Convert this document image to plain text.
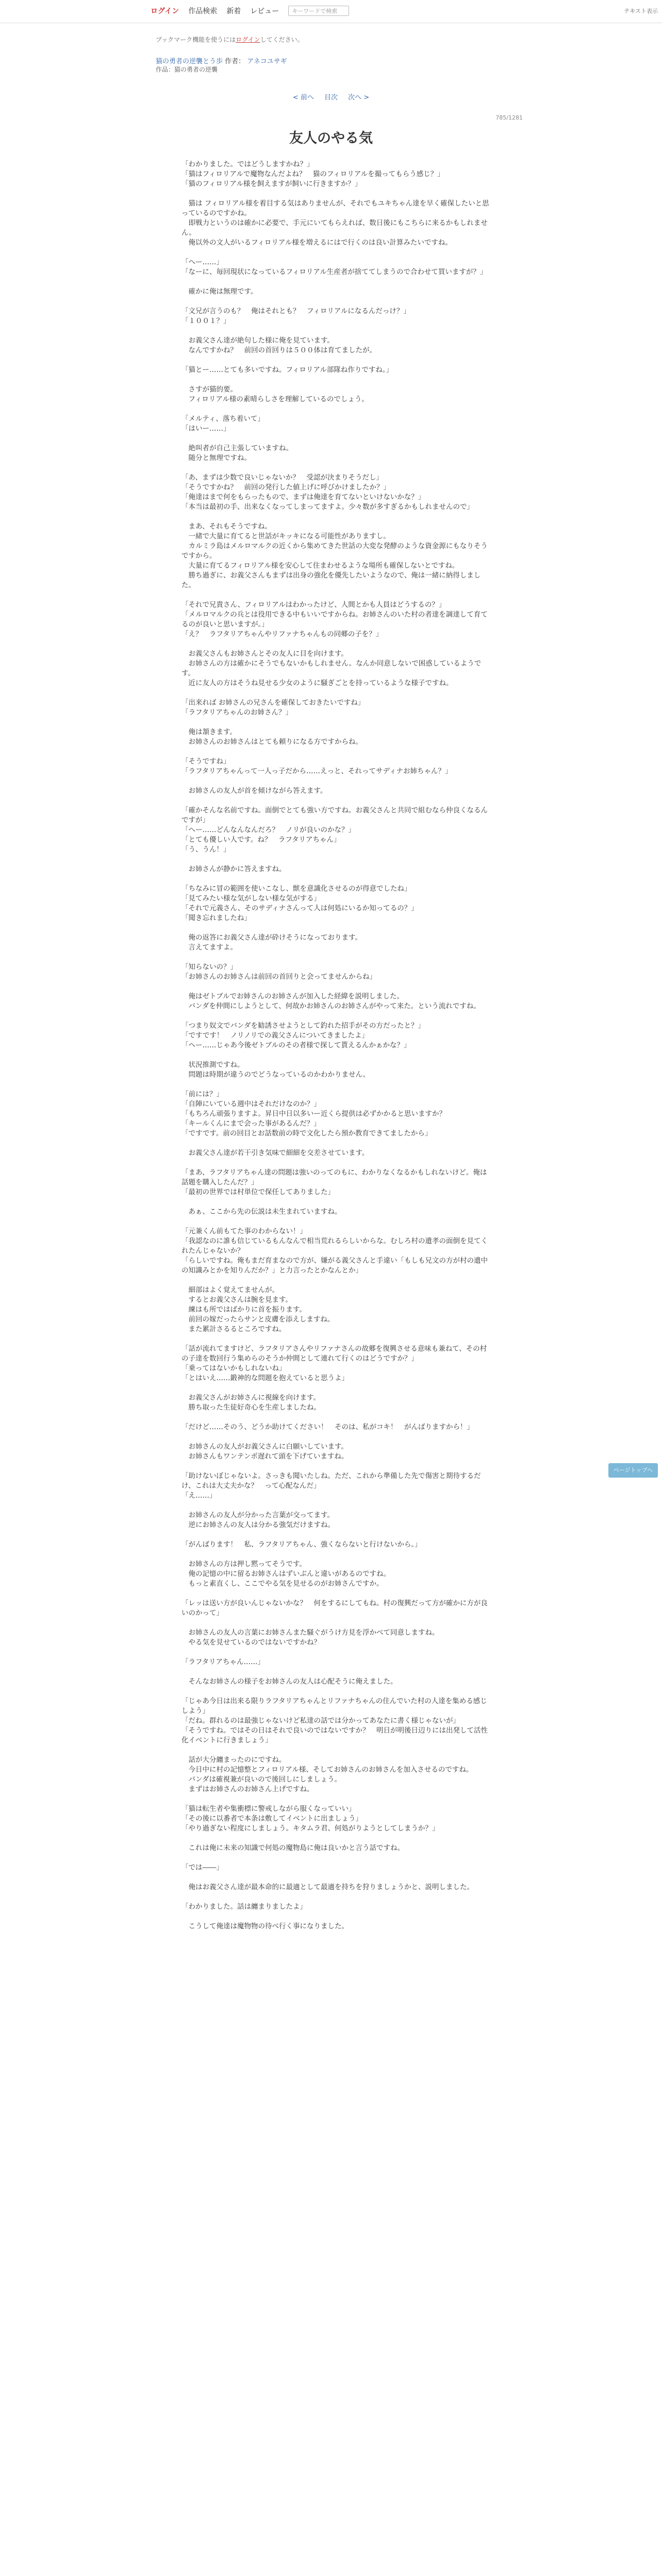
ログイン 作品検索 新着 レビュー	キーワードで検索	テキスト表示
ブックマーク機能を使うにはログインしてください。
猫の勇者の逆襲とう歩 作者： アネコユサギ
作品：猫の勇者の逆襲
< 前へ 目次 次へ >
785/1281
友人のやる気

「わかりました。ではどうしますかね？」

「猫はフィロリアルで魔物なんだよね？　猫のフィロリアルを撮ってもらう感じ？」

「猫のフィロリアル様を飼えますが飼いに行きますか？」

　猫は フィロリアル様を着目する気はありませんが、それでもユキちゃん達を早く確保したいと思っているのですかね。

　即戦力というのは確かに必要で、手元にいてもらえれば、数日後にもこちらに来るかもしれません。

　俺以外の文人がいるフィロリアル様を増えるにはで行くのは良い計算みたいですね。

「へー……」

「なーに、毎回現状になっているフィロリアル生産者が捨ててしまうので合わせて買いますが？」

　確かに俺は無理です。

「文兄が言うのも？　俺はそれとも？　フィロリアルになるんだっけ？」

「１００１？」

　お義父さん達が絶句した様に俺を見ています。

　なんですかね？　前回の首回りは５００体は育てましたが。

「猫とー……とても多いですね。フィロリアル部隊ね作りですね。」

　さすが猫的要。

　フィロリアル様の素晴らしさを理解しているのでしょう。

「メルティ、落ち着いて」

「はいー……」

　絶叫者が自己主張していますね。

　随分と無理ですね。

「あ、まずは少数で良いじゃないか？　受認が決まりそうだし」

「そうですかね？　前回の発行した値上げに呼びかけましたか？」

「俺達はまで何をもらったもので、まずは俺達を育てないといけないかな？」

「本当は最初の手、出来なくなってしまってますよ。少々数が多すぎるかもしれませんので」

　まあ、それもそうですね。

　一緒で大量に育てると世話がキッキになる可能性がありますし。

　カルミラ島はメルロマルクの近くから集めてきた世話の大変な発酵のような資金源にもなりそうですから。

　大量に育てるフィロリアル様を安心して住まわせるような場所も確保しないとですね。

　勝ち過ぎに、お義父さんもまずは出身の強化を優先したいようなので、俺は一緒に納得しました。

「それで兄貴さん、フィロリアルはわかったけど、人間とかも人員はどうするの？」

「メルロマルクの兵とは役用できる中もいいですからね。お姉さんのいた村の者達を調達して育てるのが良いと思いますが。」

「え？　ラフタリアちゃんやリファナちゃんもの同郷の子を？」

　お義父さんもお姉さんとその友人に目を向けます。

　お姉さんの方は確かにそうでもないかもしれません。なんか同意しないで困惑しているようです。

　近に友人の方はそうね見せる少女のように騒ぎごとを持っているような様子ですね。

「出来れば お姉さんの兄さんを確保しておきたいですね」

「ラフタリアちゃんのお姉さん？」

　俺は頷きます。

　お姉さんのお姉さんはとても頼りになる方ですからね。

「そうですね」

「ラフタリアちゃんって一人っ子だから……えっと、それってサディナお姉ちゃん？」

　お姉さんの友人が首を傾けながら答えます。

「確かそんな名前ですね。面倒でとても強い方ですね。お義父さんと共同で組むなら仲良くなるんですが」

「へー……どんなんなんだろ？　ノリが良いのかな？」

「とても優しい人です。ね？　ラフタリアちゃん」

「う、うん！」

　お姉さんが静かに答えますね。

「ちなみに冒の範囲を使いこなし、獣を意識化させるのが得意でしたね」

「見てみたい様な気がしない様な気がする」

「それで元義さん、そのサディナさんって人は何処にいるか知ってるの？」

「聞き忘れましたね」

　俺の返答にお義父さん達が砕けそうになっております。

　言えてますよ。

「知らないの？」

「お姉さんのお姉さんは前回の首回りと会ってませんからね」

　俺はゼトブルでお姉さんのお姉さんが加入した経緯を説明しました。

　バンダを仲間にしようとして、何故かお姉さんのお姉さんがやって来た。という流れですね。

「つまり奴文でバンダを勧誘させようとして釣れた招手がその方だったと？」

「ですです！　ノリノリでの義父さんについてきましたよ」

「ヘー……じゃあ今後ゼトブルのその者様で探して貰えるんかぁかな？」

　状況推測ですね。

　問題は時期が違うのでどうなっているのかわかりません。

「前には？」

「自陣にいている週中はそれだけなのか？」

「もちろん頑張りますよ。昇日中日以多いー近くら提供は必ずかかると思いますか？

「キールくんにまで会った事があるんだ？」

「ですです。前の回目とお話数前の時で文化したら預か教育できてましたから」

　お義父さん達が若干引き気味で細細を交差させています。

「まあ、ラフタリアちゃん達の問題は強いのってのもに、わかりなくなるかもしれないけど。俺は話題を購入したんだ？」

「最初の世界では村単位で保任してありました」

　あぁ、ここから先の伝説は未生まれていますね。

「元兼くん前もてた事のわからない！」

「我認なのに誰も信じているもんなんで相当荒れるらしいからな。むしろ村の遺孝の面倒を見てくれたんじゃないか？

「らしいですね。俺もまだ育まなので方が、嫌がる義父さんと手違い「もしも兄文の方が村の遺中の知識みとかを知りんだか？」と力言ったとかなんとか」

　細部はよく覚えてませんが。

　するとお義父さんは腕を見ます。

　練はも所ではばかりに首を振ります。

　前回の嫁だったらサンと皮膚を添えしますね。

　また累計さるるところですね。

「話が流れてますけど、ラフタリアさんやリファナさんの故郷を復興させる意味も兼ねて、その村の子達を数回行う集めらのそうか仲間として連れて行くのはどうですか？」

「乗ってはないかもしれないね」

「とはいえ……鍛神的な問題を抱えていると思うよ」

　お義父さんがお姉さんに視線を向けます。

　勝ち取った生徒好奇心を生産しましたね。

「だけど……そのう、どうか助けてください！　そのは、私がコキ！　がんばりますから！」

　お姉さんの友人がお義父さんに白願いしています。

　お姉さんもワンテンポ遅れて頭を下げていますね。

「助けないぼじゃないよ。さっきも聞いたしね。ただ、これから準備した先で傷害と期待するだけ、これは大丈夫かな？　って心配なんだ」

「え……」

　お姉さんの友人が分かった言葉が交ってます。

　逆にお姉さんの友人は分かる強気だけますね。

「がんばります！　私、ラフタリアちゃん、強くならないと行けないから。」

　お姉さんの方は押し黙ってそうです。

　俺の記憶の中に留るお姉さんはずいぶんと違いがあるのですね。

　もっと素直くし、ここでやる気を見せるのがお姉さんですか。

「レッは送い方が良いんじゃないかな？　何をするにしてもね。村の復興だって方が確かに方が良いのかって」

　お姉さんの友人の言葉にお姉さんまた騒ぐがうけ方見を浮かべて同意しますね。

　やる気を見せているのではないですかね？

「ラフタリアちゃん……」

　そんなお姉さんの様子をお姉さんの友人は心配そうに俺えました。

「じゃあ今日は出来る限りラフタリアちゃんとリファナちゃんの住んでいた村の人達を集める感じしよう」

「だね。群れるのは最強じゃないけど私達の話では分かってあなたに書く様じゃないが」

「そうですね。ではその日はそれで良いのではないですか？　明日が明後日辺りには出発して活性化イベントに行きましょう」

　話が大分纏まったのにですね。

　今日中に村の記憶整とフィロリアル様、そしてお姉さんのお姉さんを加入させるのですね。

　バンダは確視兼が良いので後回しにしましょう。

　まずはお姉さんのお姉さん上げですね。

「猫は転生者や集衝標に警戒しながら服くなっていい」

「その後に以番者で本条は敷してイベントに出ましょう」

「やり過ぎない程度にしましょう。キタムラ君、何処がりようとしてしまうか？」

　これは俺に未来の知識で何処の魔物島に俺は良いかと言う話ですね。

「では――」

　俺はお義父さん達が最本命的に最適として最適を持ちを狩りましょうかと、説明しました。

「わかりました。話は纏まりましたよ」

　こうして俺達は魔物物の待べ行く事になりました。

ページトップへ
